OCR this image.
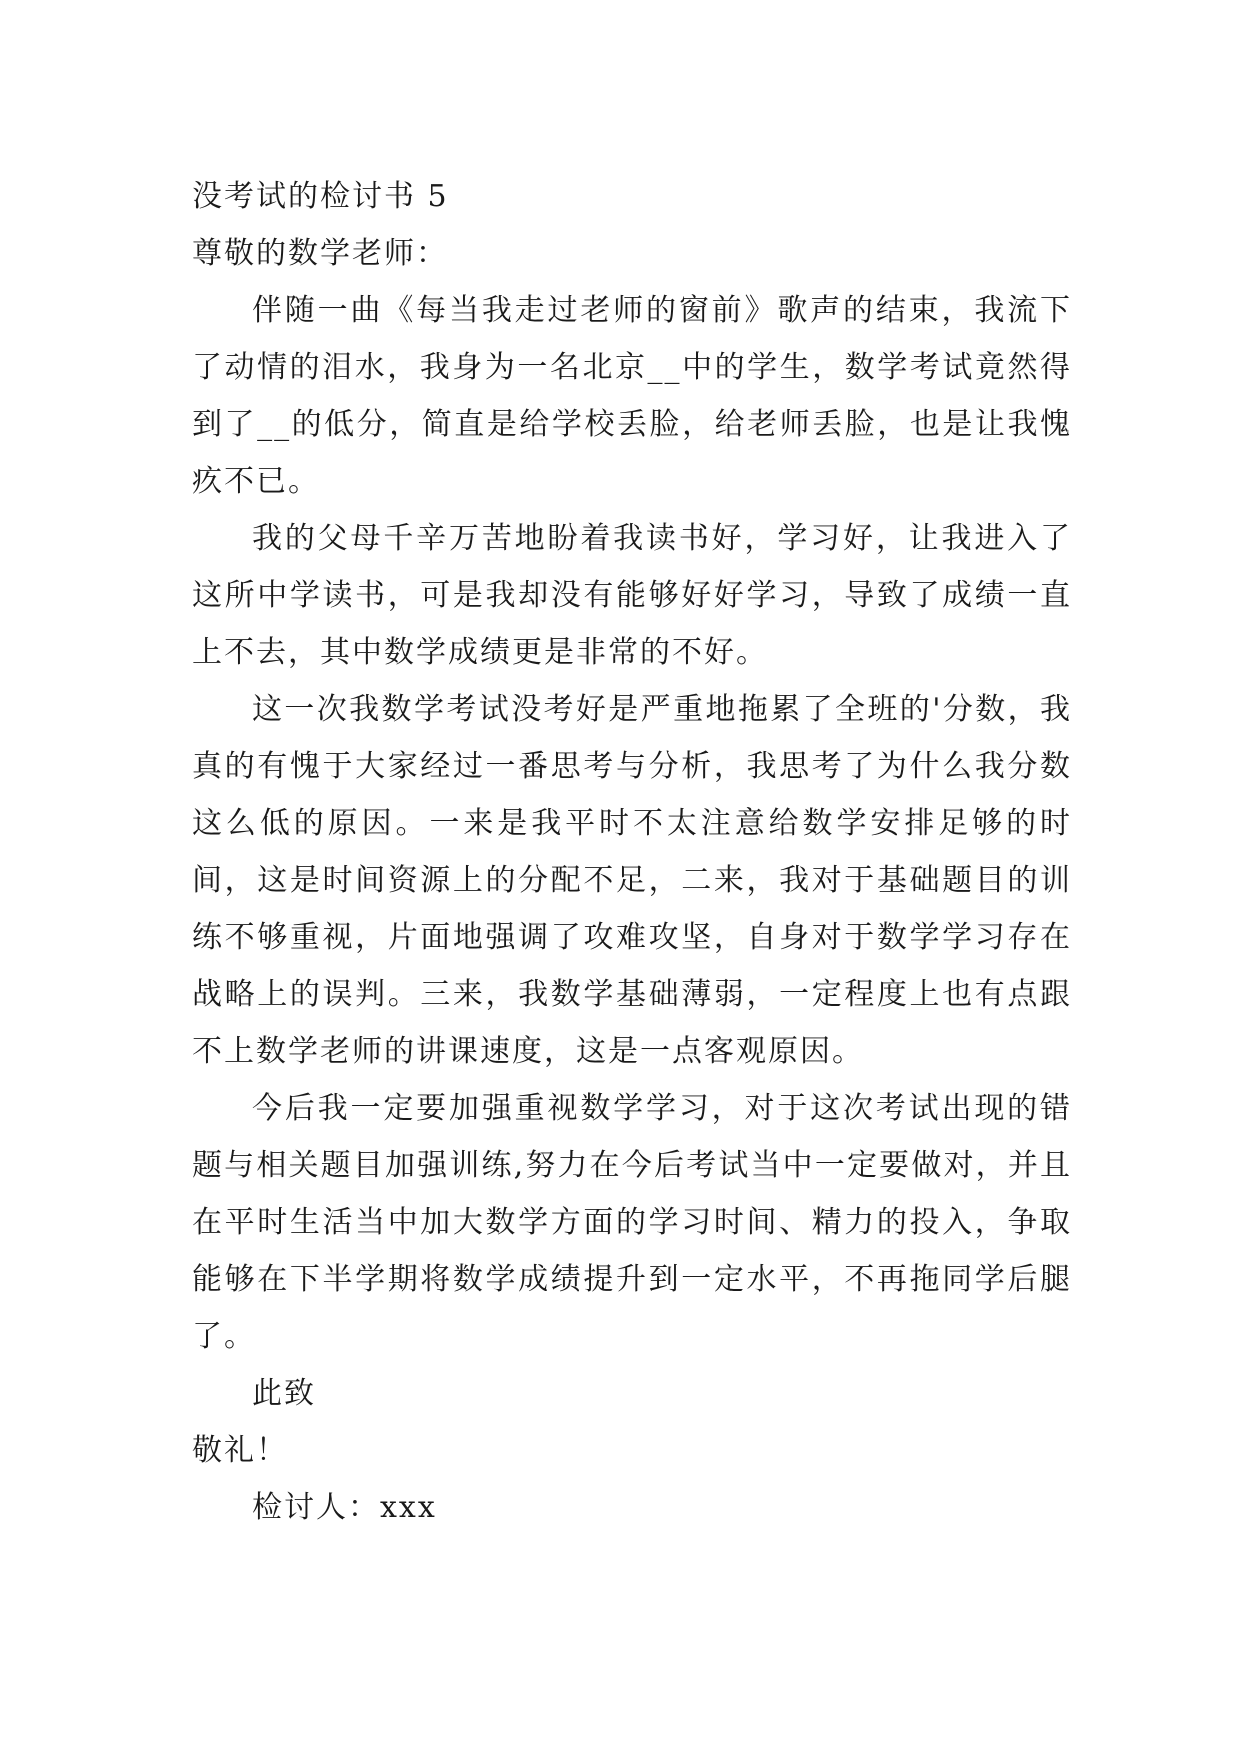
没考试的检讨书 5

尊敬的数学老师：

伴随一曲《每当我走过老师的窗前》歌声的结束，我流下了动情的泪水，我身为一名北京__中的学生，数学考试竟然得到了__的低分，简直是给学校丢脸，给老师丢脸，也是让我愧疚不已。

我的父母千辛万苦地盼着我读书好，学习好，让我进入了这所中学读书，可是我却没有能够好好学习，导致了成绩一直上不去，其中数学成绩更是非常的不好。

这一次我数学考试没考好是严重地拖累了全班的'分数，我真的有愧于大家经过一番思考与分析，我思考了为什么我分数这么低的原因。一来是我平时不太注意给数学安排足够的时间，这是时间资源上的分配不足，二来，我对于基础题目的训练不够重视，片面地强调了攻难攻坚，自身对于数学学习存在战略上的误判。三来，我数学基础薄弱，一定程度上也有点跟不上数学老师的讲课速度，这是一点客观原因。

今后我一定要加强重视数学学习，对于这次考试出现的错题与相关题目加强训练,努力在今后考试当中一定要做对，并且在平时生活当中加大数学方面的学习时间、精力的投入，争取能够在下半学期将数学成绩提升到一定水平，不再拖同学后腿了。

此致

敬礼！

检讨人：xxx
